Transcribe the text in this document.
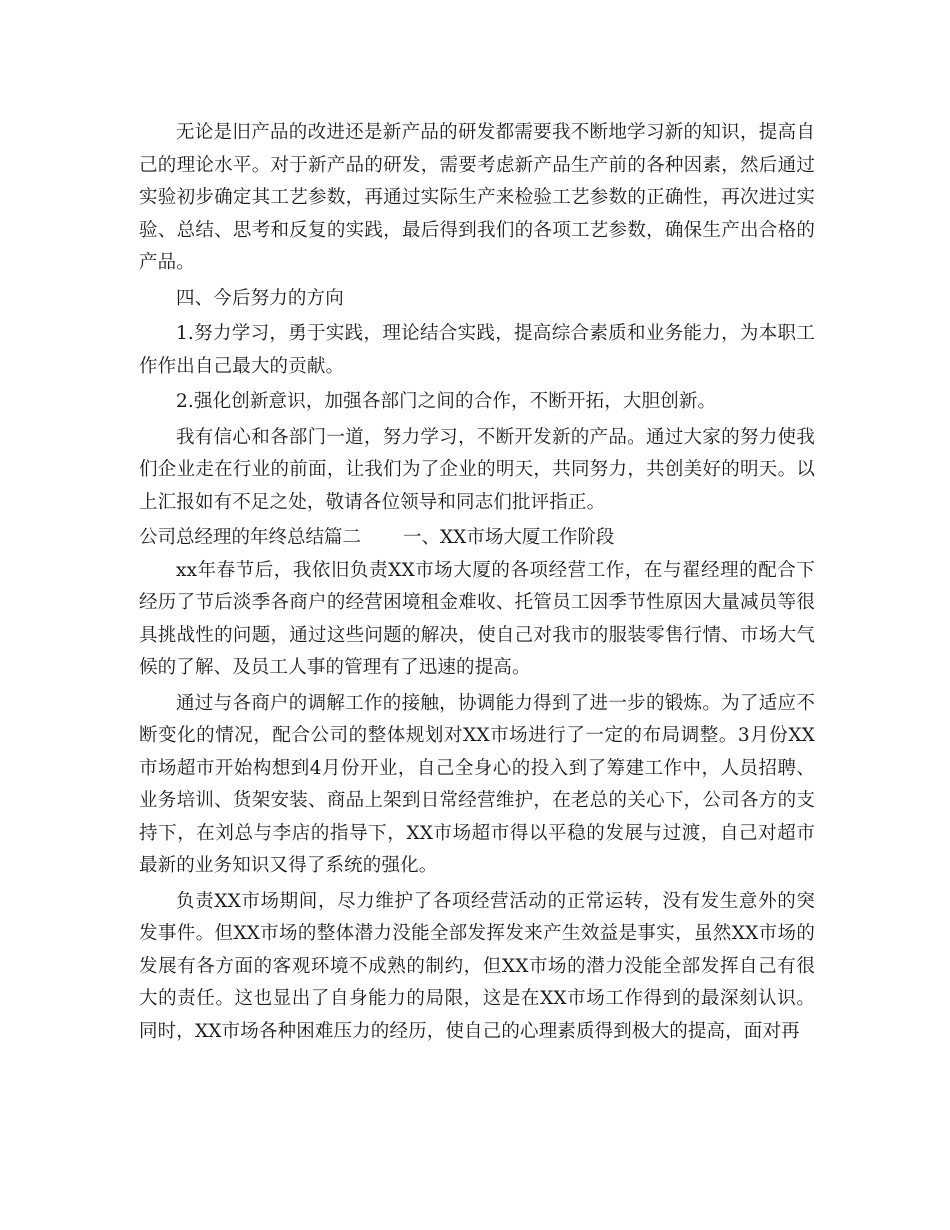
无论是旧产品的改进还是新产品的研发都需要我不断地学习新的知识，提高自己的理论水平。对于新产品的研发，需要考虑新产品生产前的各种因素，然后通过实验初步确定其工艺参数，再通过实际生产来检验工艺参数的正确性，再次进过实验、总结、思考和反复的实践，最后得到我们的各项工艺参数，确保生产出合格的产品。

四、今后努力的方向

1.努力学习，勇于实践，理论结合实践，提高综合素质和业务能力，为本职工作作出自己最大的贡献。

2.强化创新意识，加强各部门之间的合作，不断开拓，大胆创新。

我有信心和各部门一道，努力学习，不断开发新的产品。通过大家的努力使我们企业走在行业的前面，让我们为了企业的明天，共同努力，共创美好的明天。以上汇报如有不足之处，敬请各位领导和同志们批评指正。

公司总经理的年终总结篇二 一、XX市场大厦工作阶段

xx年春节后，我依旧负责XX市场大厦的各项经营工作，在与翟经理的配合下经历了节后淡季各商户的经营困境租金难收、托管员工因季节性原因大量减员等很具挑战性的问题，通过这些问题的解决，使自己对我市的服装零售行情、市场大气候的了解、及员工人事的管理有了迅速的提高。

通过与各商户的调解工作的接触，协调能力得到了进一步的锻炼。为了适应不断变化的情况，配合公司的整体规划对XX市场进行了一定的布局调整。3月份XX市场超市开始构想到4月份开业，自己全身心的投入到了筹建工作中，人员招聘、业务培训、货架安装、商品上架到日常经营维护，在老总的关心下，公司各方的支持下，在刘总与李店的指导下，XX市场超市得以平稳的发展与过渡，自己对超市最新的业务知识又得了系统的强化。

负责XX市场期间，尽力维护了各项经营活动的正常运转，没有发生意外的突发事件。但XX市场的整体潜力没能全部发挥发来产生效益是事实，虽然XX市场的发展有各方面的客观环境不成熟的制约，但XX市场的潜力没能全部发挥自己有很大的责任。这也显出了自身能力的局限，这是在XX市场工作得到的最深刻认识。同时，XX市场各种困难压力的经历，使自己的心理素质得到极大的提高，面对再
